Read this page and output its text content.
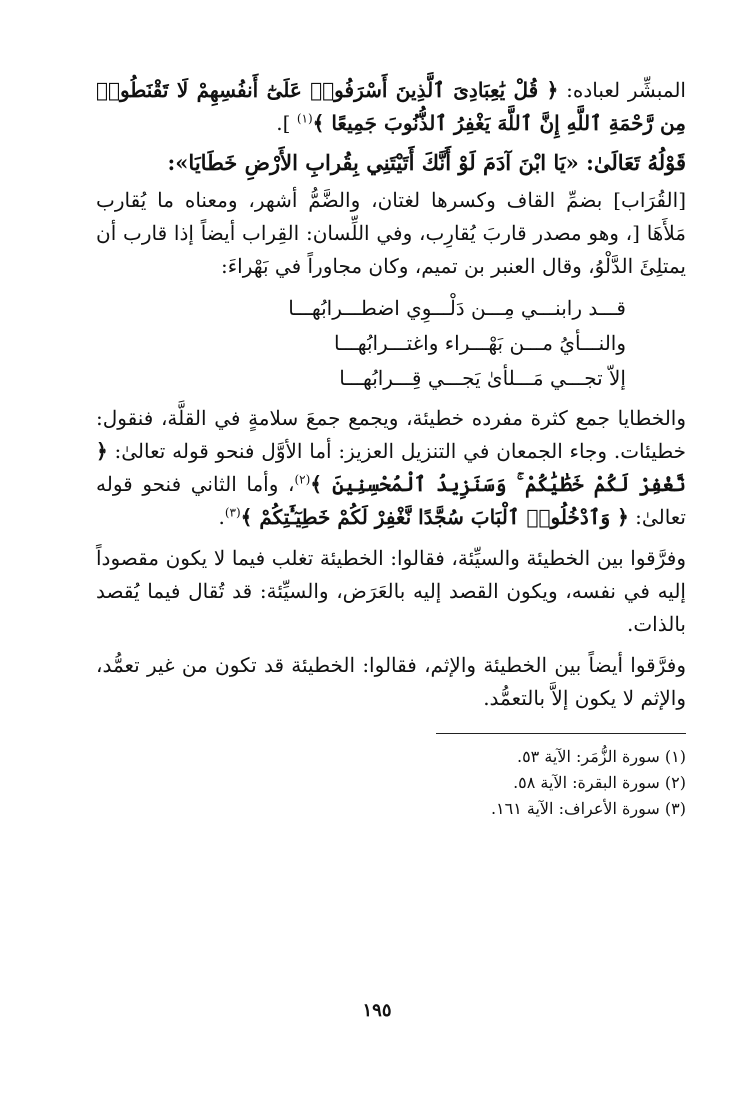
المبشِّر لعباده: ﴿ قُلْ يَٰعِبَادِىَ ٱلَّذِينَ أَسْرَفُوا۟ عَلَىٰٓ أَنفُسِهِمْ لَا تَقْنَطُوا۟ مِن رَّحْمَةِ ٱللَّهِ إِنَّ ٱللَّهَ يَغْفِرُ ٱلذُّنُوبَ جَمِيعًا ﴾$^{(١)}$ ].

قَوْلُهُ تَعَالَىٰ: «يَا ابْنَ آدَمَ لَوْ أَنَّكَ أَتَيْتَنِي بِقُرابِ الأَرْضِ خَطَايَا»:

[القُرَاب] بضمِّ القاف وكسرها لغتان، والضَّمُّ أشهر، ومعناه ما يُقارب مَلأَهَا [، وهو مصدر قاربَ يُقارِب، وفي اللِّسان: القِراب أيضاً إذا قارب أن يمتلِئَ الدَّلْوُ، وقال العنبر بن تميم، وكان مجاوراً في بَهْراءَ:

قـــد رابنـــي مِـــن دَلْـــوِي اضطـــرابُهـــا
والنـــأيُ مـــن بَهْـــراء واغتـــرابُهـــا
إلاّ تجـــي مَـــلأىٰ يَجـــي قِـــرابُهـــا

والخطايا جمع كثرة مفرده خطيئة، ويجمع جمعَ سلامةٍ في القلَّة، فنقول: خطيئات. وجاء الجمعان في التنزيل العزيز: أما الأوَّل فنحو قوله تعالىٰ: ﴿ نَّغْفِرْ لَكُمْ خَطَٰيَٰكُمْ ۚ وَسَنَزِيدُ ٱلْمُحْسِنِينَ ﴾$^{(٢)}$، وأما الثاني فنحو قوله تعالىٰ: ﴿ وَٱدْخُلُوا۟ ٱلْبَابَ سُجَّدًا نَّغْفِرْ لَكُمْ خَطِيٓـَٰٔتِكُمْ ﴾$^{(٣)}$.

وفرَّقوا بين الخطيئة والسيِّئة، فقالوا: الخطيئة تغلب فيما لا يكون مقصوداً إليه في نفسه، ويكون القصد إليه بالعَرَض، والسيِّئة: قد تُقال فيما يُقصد بالذات.

وفرَّقوا أيضاً بين الخطيئة والإثم، فقالوا: الخطيئة قد تكون من غير تعمُّد، والإثم لا يكون إلاَّ بالتعمُّد.

(١) سورة الزُّمَر: الآية ٥٣.

(٢) سورة البقرة: الآية ٥٨.

(٣) سورة الأعراف: الآية ١٦١.

١٩٥
